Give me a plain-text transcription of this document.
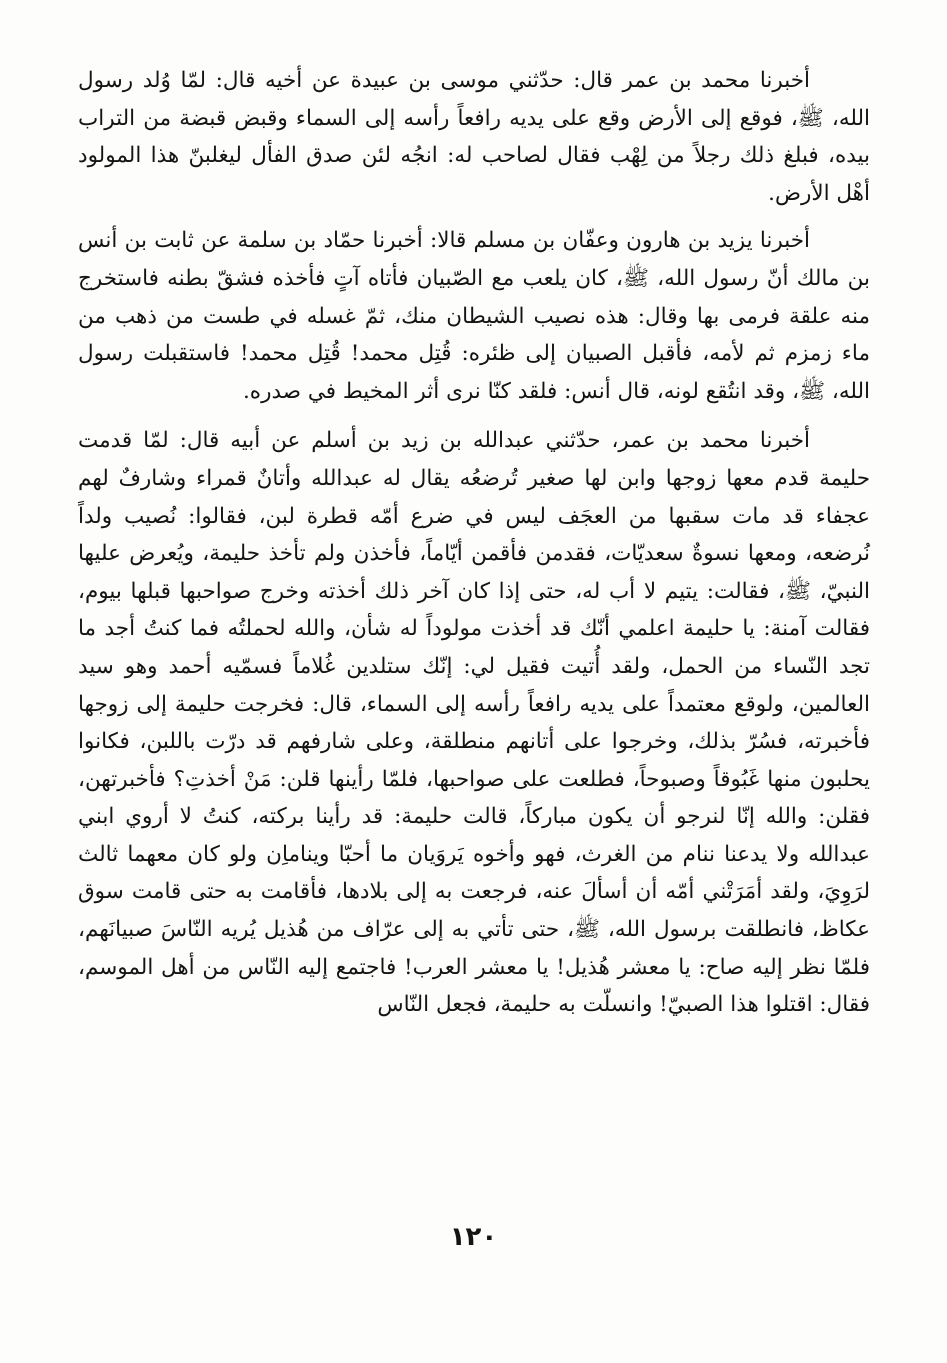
أخبرنا محمد بن عمر قال: حدّثني موسى بن عبيدة عن أخيه قال: لمّا وُلد رسول الله، ﷺ، فوقع إلى الأرض وقع على يديه رافعاً رأسه إلى السماء وقبض قبضة من التراب بيده، فبلغ ذلك رجلاً من لِهْب فقال لصاحب له: انجُه لئن صدق الفأل ليغلبنّ هذا المولود أهْل الأرض.

أخبرنا يزيد بن هارون وعفّان بن مسلم قالا: أخبرنا حمّاد بن سلمة عن ثابت بن أنس بن مالك أنّ رسول الله، ﷺ، كان يلعب مع الصّبيان فأتاه آتٍ فأخذه فشقّ بطنه فاستخرج منه علقة فرمى بها وقال: هذه نصيب الشيطان منك، ثمّ غسله في طست من ذهب من ماء زمزم ثم لأمه، فأقبل الصبيان إلى ظئره: قُتِل محمد! قُتِل محمد! فاستقبلت رسول الله، ﷺ، وقد انتُقع لونه، قال أنس: فلقد كنّا نرى أثر المخيط في صدره.

أخبرنا محمد بن عمر، حدّثني عبدالله بن زيد بن أسلم عن أبيه قال: لمّا قدمت حليمة قدم معها زوجها وابن لها صغير تُرضعُه يقال له عبدالله وأتانٌ قمراء وشارفٌ لهم عجفاء قد مات سقبها من العجَف ليس في ضرع أمّه قطرة لبن، فقالوا: نُصيب ولداً نُرضعه، ومعها نسوةٌ سعديّات، فقدمن فأقمن أيّاماً، فأخذن ولم تأخذ حليمة، ويُعرض عليها النبيّ، ﷺ، فقالت: يتيم لا أب له، حتى إذا كان آخر ذلك أخذته وخرج صواحبها قبلها بيوم، فقالت آمنة: يا حليمة اعلمي أنّك قد أخذت مولوداً له شأن، والله لحملتُه فما كنتُ أجد ما تجد النّساء من الحمل، ولقد أُتيت فقيل لي: إنّك ستلدين غُلاماً فسمّيه أحمد وهو سيد العالمين، ولوقع معتمداً على يديه رافعاً رأسه إلى السماء، قال: فخرجت حليمة إلى زوجها فأخبرته، فسُرّ بذلك، وخرجوا على أتانهم منطلقة، وعلى شارفهم قد درّت باللبن، فكانوا يحلبون منها غَبُوقاً وصبوحاً، فطلعت على صواحبها، فلمّا رأينها قلن: مَنْ أخذتِ؟ فأخبرتهن، فقلن: والله إنّا لنرجو أن يكون مباركاً، قالت حليمة: قد رأينا بركته، كنتُ لا أروي ابني عبدالله ولا يدعنا ننام من الغرث، فهو وأخوه يَروَيان ما أحبّا ويناماِن ولو كان معهما ثالث لرَوِيَ، ولقد أمَرَتْني أمّه أن أسألَ عنه، فرجعت به إلى بلادها، فأقامت به حتى قامت سوق عكاظ، فانطلقت برسول الله، ﷺ، حتى تأتي به إلى عرّاف من هُذيل يُريه النّاسَ صبيانَهم، فلمّا نظر إليه صاح: يا معشر هُذيل! يا معشر العرب! فاجتمع إليه النّاس من أهل الموسم، فقال: اقتلوا هذا الصبيّ! وانسلّت به حليمة، فجعل النّاس

١٢٠
